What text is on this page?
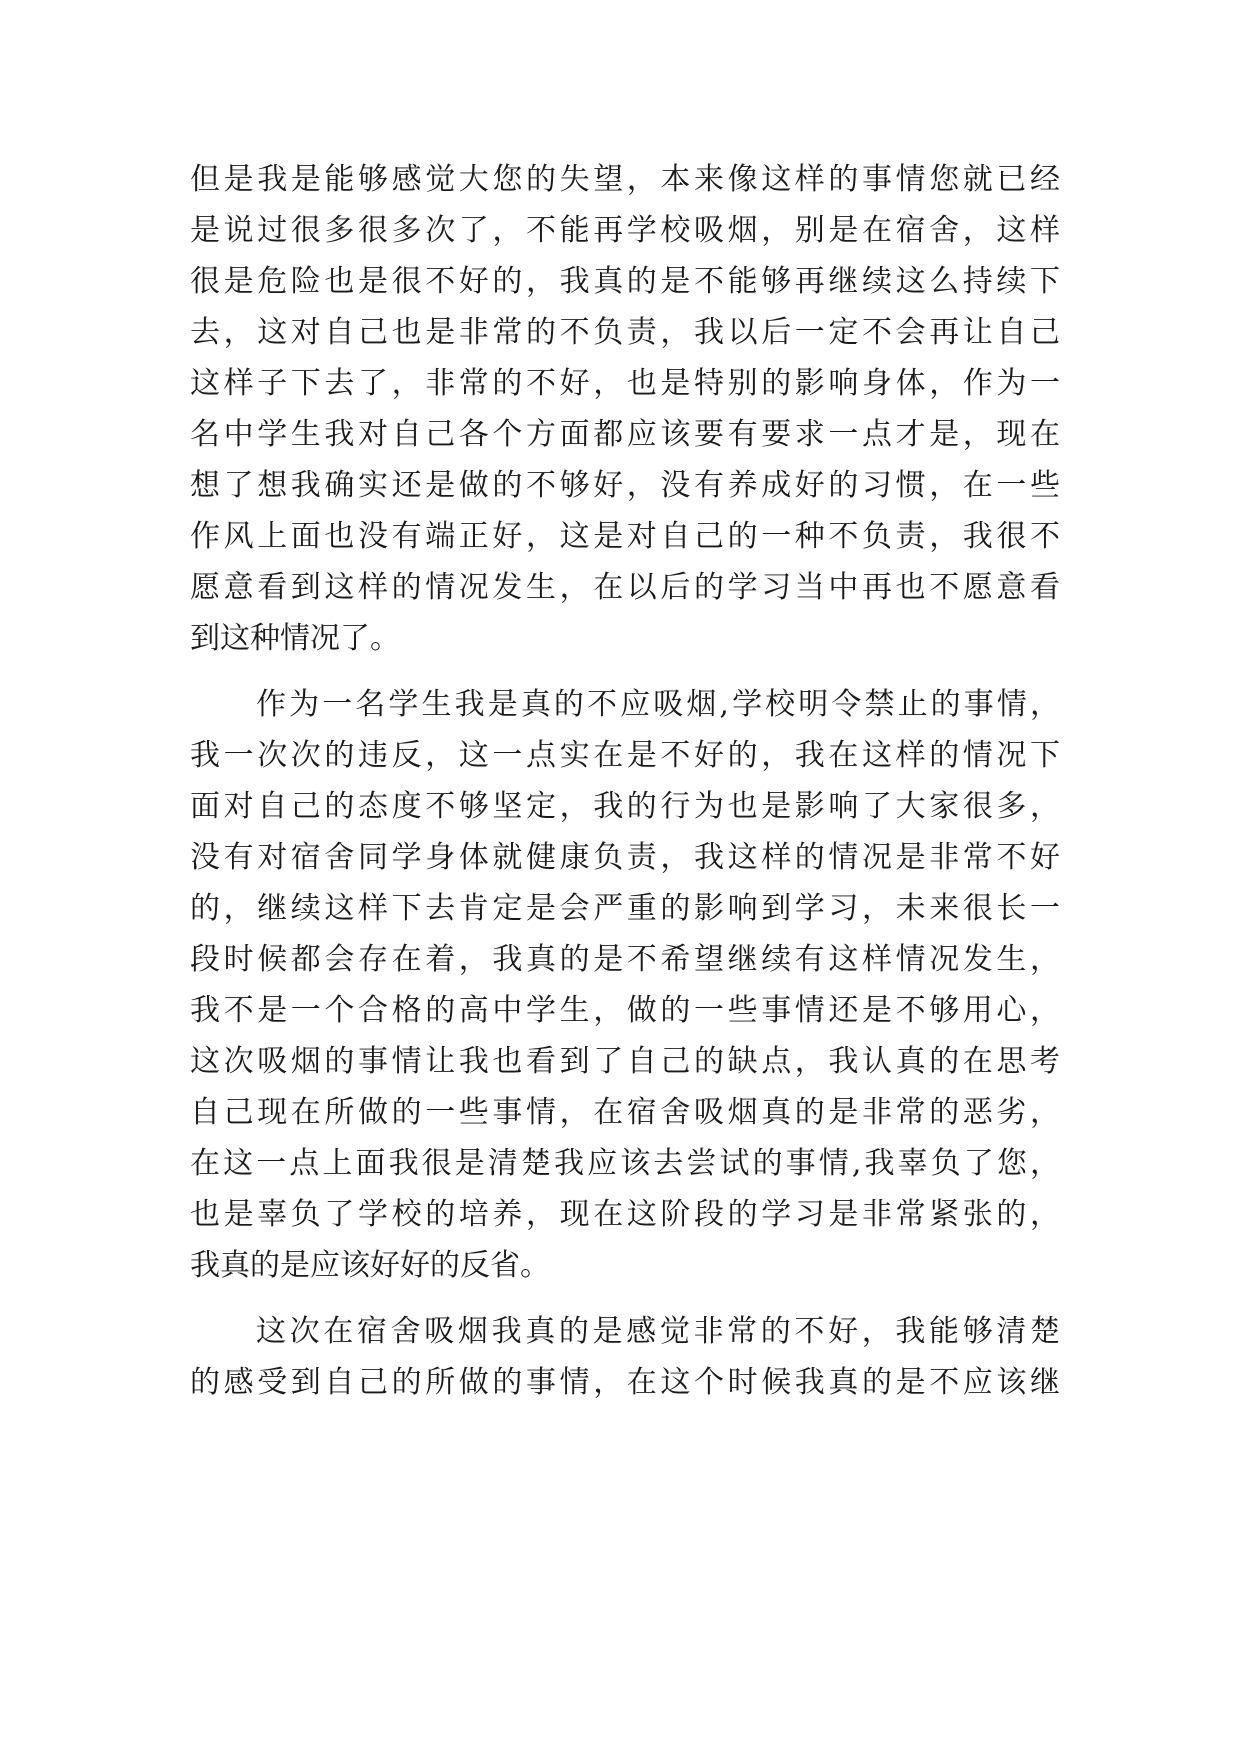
但是我是能够感觉大您的失望，本来像这样的事情您就已经
是说过很多很多次了，不能再学校吸烟，别是在宿舍，这样
很是危险也是很不好的，我真的是不能够再继续这么持续下
去，这对自己也是非常的不负责，我以后一定不会再让自己
这样子下去了，非常的不好，也是特别的影响身体，作为一
名中学生我对自己各个方面都应该要有要求一点才是，现在
想了想我确实还是做的不够好，没有养成好的习惯，在一些
作风上面也没有端正好，这是对自己的一种不负责，我很不
愿意看到这样的情况发生，在以后的学习当中再也不愿意看
到这种情况了。
作为一名学生我是真的不应吸烟,学校明令禁止的事情，
我一次次的违反，这一点实在是不好的，我在这样的情况下
面对自己的态度不够坚定，我的行为也是影响了大家很多，
没有对宿舍同学身体就健康负责，我这样的情况是非常不好
的，继续这样下去肯定是会严重的影响到学习，未来很长一
段时候都会存在着，我真的是不希望继续有这样情况发生，
我不是一个合格的高中学生，做的一些事情还是不够用心，
这次吸烟的事情让我也看到了自己的缺点，我认真的在思考
自己现在所做的一些事情，在宿舍吸烟真的是非常的恶劣，
在这一点上面我很是清楚我应该去尝试的事情,我辜负了您，
也是辜负了学校的培养，现在这阶段的学习是非常紧张的，
我真的是应该好好的反省。
这次在宿舍吸烟我真的是感觉非常的不好，我能够清楚
的感受到自己的所做的事情，在这个时候我真的是不应该继
